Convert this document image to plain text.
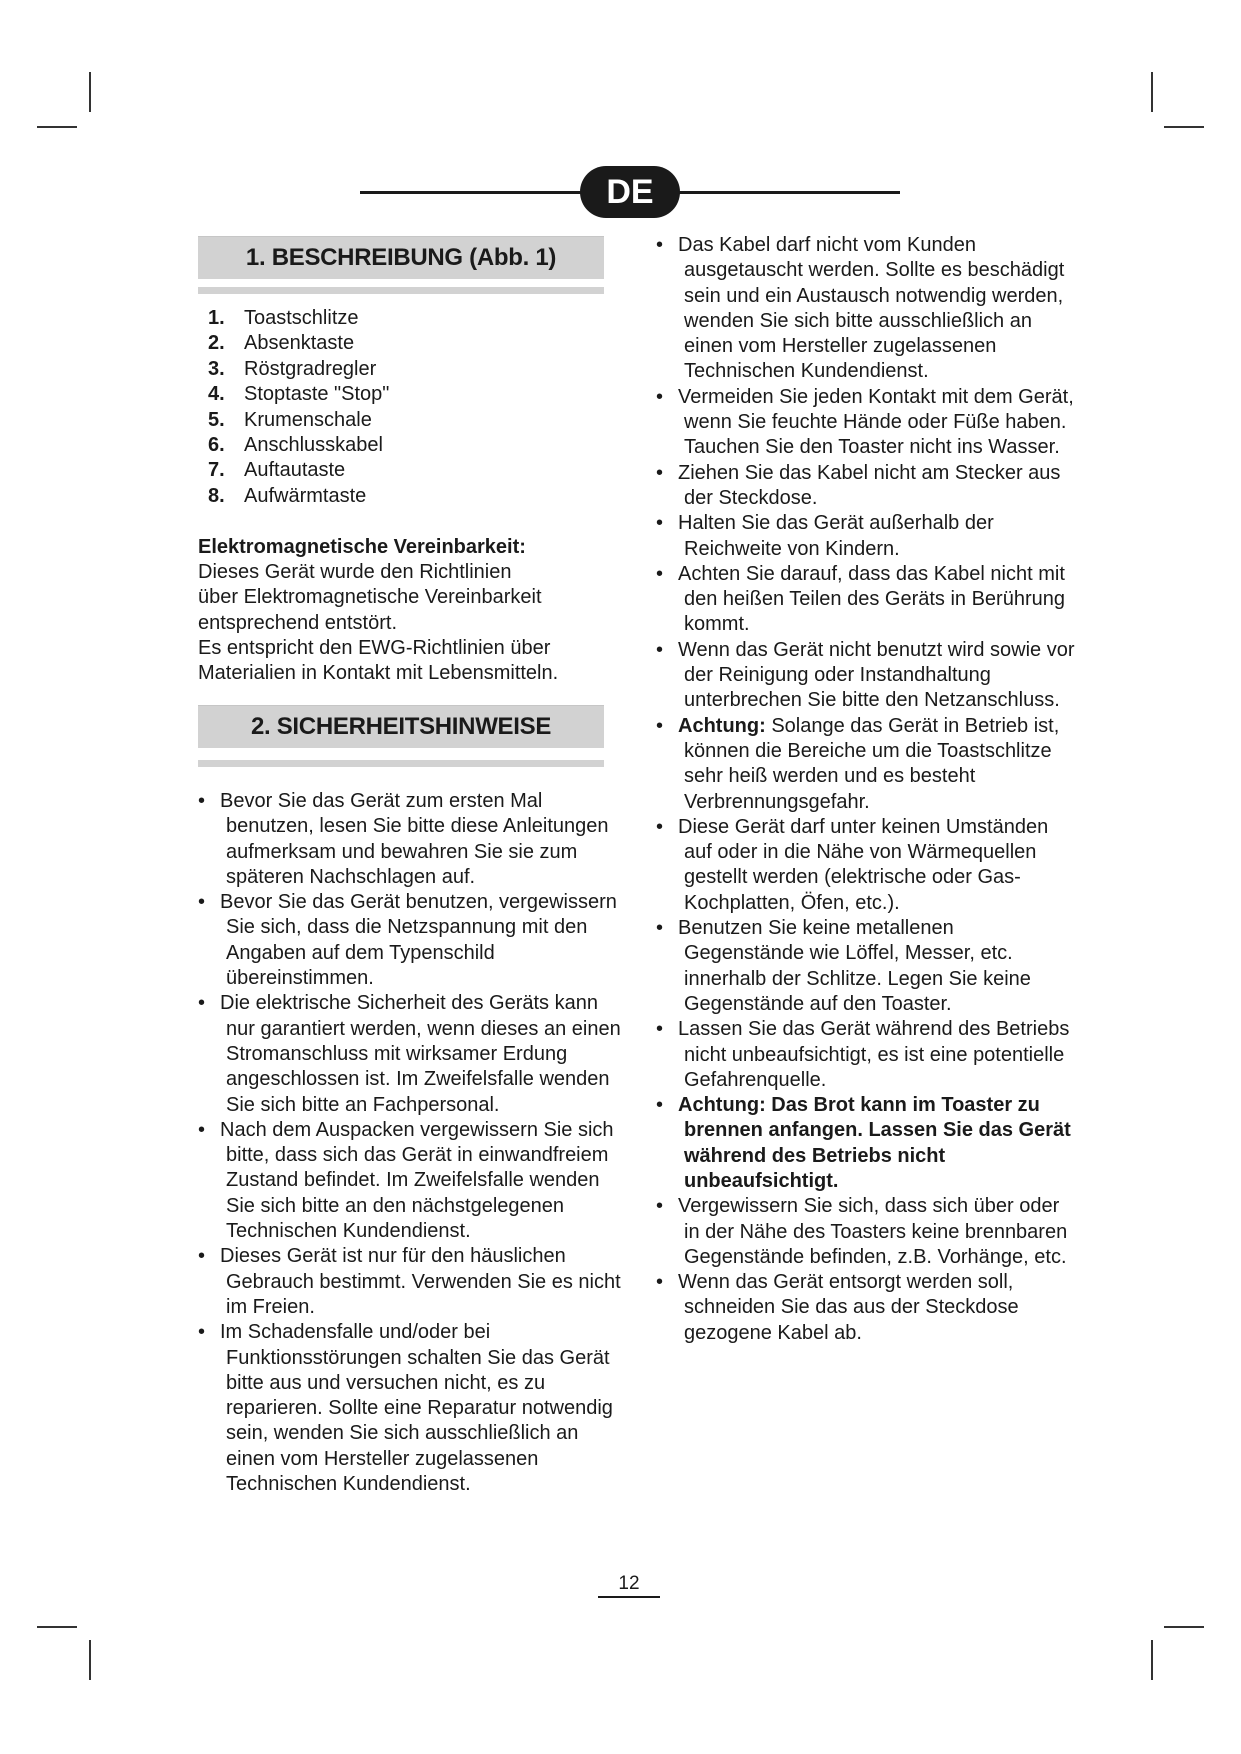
DE
1. BESCHREIBUNG (Abb. 1)
1. Toastschlitze
2. Absenktaste
3. Röstgradregler
4. Stoptaste "Stop"
5. Krumenschale
6. Anschlusskabel
7. Auftautaste
8. Aufwärmtaste
Elektromagnetische Vereinbarkeit:
Dieses Gerät wurde den Richtlinien
über Elektromagnetische Vereinbarkeit
entsprechend entstört.
Es entspricht den EWG-Richtlinien über
Materialien in Kontakt mit Lebensmitteln.
2. SICHERHEITSHINWEISE
• Bevor Sie das Gerät zum ersten Mal benutzen, lesen Sie bitte diese Anleitungen aufmerksam und bewahren Sie sie zum späteren Nachschlagen auf.
• Bevor Sie das Gerät benutzen, vergewissern Sie sich, dass die Netzspannung mit den Angaben auf dem Typenschild übereinstimmen.
• Die elektrische Sicherheit des Geräts kann nur garantiert werden, wenn dieses an einen Stromanschluss mit wirksamer Erdung angeschlossen ist. Im Zweifelsfalle wenden Sie sich bitte an Fachpersonal.
• Nach dem Auspacken vergewissern Sie sich bitte, dass sich das Gerät in einwandfreiem Zustand befindet. Im Zweifelsfalle wenden Sie sich bitte an den nächstgelegenen Technischen Kundendienst.
• Dieses Gerät ist nur für den häuslichen Gebrauch bestimmt. Verwenden Sie es nicht im Freien.
• Im Schadensfalle und/oder bei Funktionsstörungen schalten Sie das Gerät bitte aus und versuchen nicht, es zu reparieren. Sollte eine Reparatur notwendig sein, wenden Sie sich ausschließlich an einen vom Hersteller zugelassenen Technischen Kundendienst.
• Das Kabel darf nicht vom Kunden ausgetauscht werden. Sollte es beschädigt sein und ein Austausch notwendig werden, wenden Sie sich bitte ausschließlich an einen vom Hersteller zugelassenen Technischen Kundendienst.
• Vermeiden Sie jeden Kontakt mit dem Gerät, wenn Sie feuchte Hände oder Füße haben. Tauchen Sie den Toaster nicht ins Wasser.
• Ziehen Sie das Kabel nicht am Stecker aus der Steckdose.
• Halten Sie das Gerät außerhalb der Reichweite von Kindern.
• Achten Sie darauf, dass das Kabel nicht mit den heißen Teilen des Geräts in Berührung kommt.
• Wenn das Gerät nicht benutzt wird sowie vor der Reinigung oder Instandhaltung unterbrechen Sie bitte den Netzanschluss.
• Achtung: Solange das Gerät in Betrieb ist, können die Bereiche um die Toastschlitze sehr heiß werden und es besteht Verbrennungsgefahr.
• Diese Gerät darf unter keinen Umständen auf oder in die Nähe von Wärmequellen gestellt werden (elektrische oder Gas-Kochplatten, Öfen, etc.).
• Benutzen Sie keine metallenen Gegenstände wie Löffel, Messer, etc. innerhalb der Schlitze. Legen Sie keine Gegenstände auf den Toaster.
• Lassen Sie das Gerät während des Betriebs nicht unbeaufsichtigt, es ist eine potentielle Gefahrenquelle.
• Achtung: Das Brot kann im Toaster zu brennen anfangen. Lassen Sie das Gerät während des Betriebs nicht unbeaufsichtigt.
• Vergewissern Sie sich, dass sich über oder in der Nähe des Toasters keine brennbaren Gegenstände befinden, z.B. Vorhänge, etc.
• Wenn das Gerät entsorgt werden soll, schneiden Sie das aus der Steckdose gezogene Kabel ab.
12
